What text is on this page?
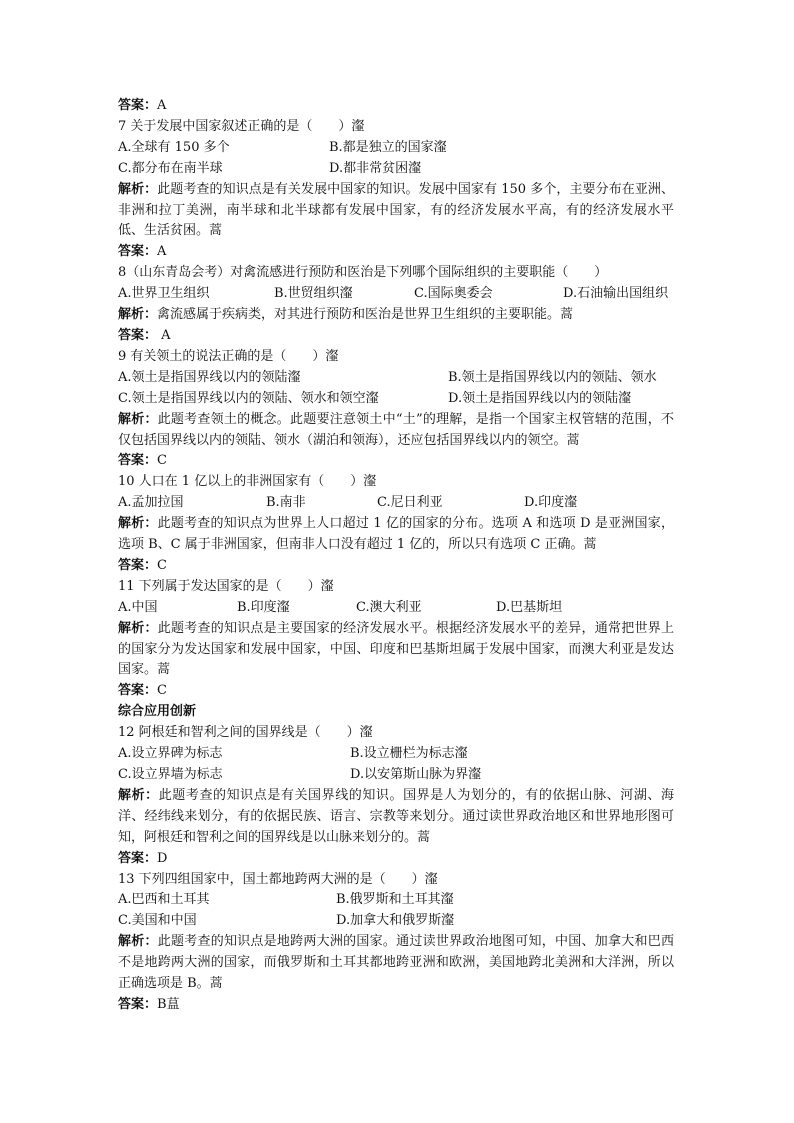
答案：A
7 关于发展中国家叙述正确的是（　　）瀣
A.全球有 150 多个	B.都是独立的国家瀣
C.都分布在南半球	D.都非常贫困瀣
解析：此题考查的知识点是有关发展中国家的知识。发展中国家有 150 多个，主要分布在亚洲、非洲和拉丁美洲，南半球和北半球都有发展中国家，有的经济发展水平高，有的经济发展水平低、生活贫困。蒿
答案：A
8（山东青岛会考）对禽流感进行预防和医治是下列哪个国际组织的主要职能（　　）
A.世界卫生组织	B.世贸组织瀣	C.国际奥委会	D.石油输出国组织
解析：禽流感属于疾病类，对其进行预防和医治是世界卫生组织的主要职能。蒿
答案： A
9 有关领土的说法正确的是（　　）瀣
A.领土是指国界线以内的领陆瀣	B.领土是指国界线以内的领陆、领水
C.领土是指国界线以内的领陆、领水和领空瀣	D.领土是指国界线以内的领陆瀣
解析：此题考查领土的概念。此题要注意领土中“土”的理解，是指一个国家主权管辖的范围，不仅包括国界线以内的领陆、领水（湖泊和领海），还应包括国界线以内的领空。蒿
答案：C
10 人口在 1 亿以上的非洲国家有（　　）瀣
A.孟加拉国	B.南非	C.尼日利亚	D.印度瀣
解析：此题考查的知识点为世界上人口超过 1 亿的国家的分布。选项 A 和选项 D 是亚洲国家，选项 B、C 属于非洲国家，但南非人口没有超过 1 亿的，所以只有选项 C 正确。蒿
答案：C
11 下列属于发达国家的是（　　）瀣
A.中国	B.印度瀣	C.澳大利亚	D.巴基斯坦
解析：此题考查的知识点是主要国家的经济发展水平。根据经济发展水平的差异，通常把世界上的国家分为发达国家和发展中国家，中国、印度和巴基斯坦属于发展中国家，而澳大利亚是发达国家。蒿
答案：C
综合应用创新
12 阿根廷和智利之间的国界线是（　　）瀣
A.设立界碑为标志	B.设立栅栏为标志瀣
C.设立界墙为标志	D.以安第斯山脉为界瀣
解析：此题考查的知识点是有关国界线的知识。国界是人为划分的，有的依据山脉、河湖、海洋、经纬线来划分，有的依据民族、语言、宗教等来划分。通过读世界政治地区和世界地形图可知，阿根廷和智利之间的国界线是以山脉来划分的。蒿
答案：D
13 下列四组国家中，国土都地跨两大洲的是（　　）瀣
A.巴西和土耳其	B.俄罗斯和土耳其瀣
C.美国和中国	D.加拿大和俄罗斯瀣
解析：此题考查的知识点是地跨两大洲的国家。通过读世界政治地图可知，中国、加拿大和巴西不是地跨两大洲的国家，而俄罗斯和土耳其都地跨亚洲和欧洲，美国地跨北美洲和大洋洲，所以正确选项是 B。蒿
答案：B蒀
